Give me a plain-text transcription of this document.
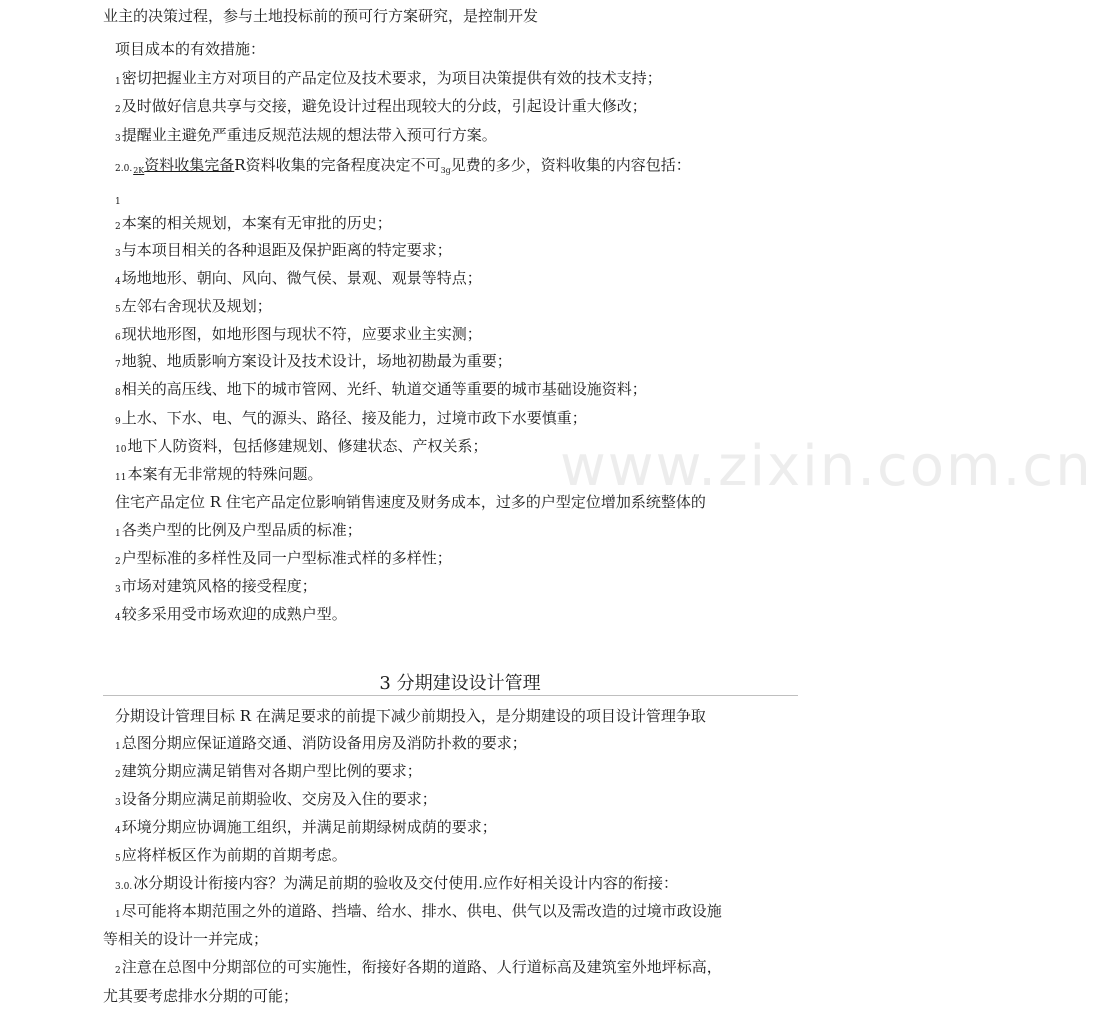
www.zixin.com.cn
业主的决策过程，参与土地投标前的预可行方案研究，是控制开发
项目成本的有效措施：
1密切把握业主方对项目的产品定位及技术要求，为项目决策提供有效的技术支持；
2及时做好信息共享与交接，避免设计过程出现较大的分歧，引起设计重大修改；
3提醒业主避免严重违反规范法规的想法带入预可行方案。
$2.0._{2K}$资料收集完备R资料收集的完备程度决定不可$_{3g}$见费的多少，资料收集的内容包括：
1
2本案的相关规划，本案有无审批的历史；
3与本项目相关的各种退距及保护距离的特定要求；
4场地地形、朝向、风向、微气侯、景观、观景等特点；
5左邻右舍现状及规划；
6现状地形图，如地形图与现状不符，应要求业主实测；
7地貌、地质影响方案设计及技术设计，场地初勘最为重要；
8相关的高压线、地下的城市管网、光纤、轨道交通等重要的城市基础设施资料；
9上水、下水、电、气的源头、路径、接及能力，过境市政下水要慎重；
10地下人防资料，包括修建规划、修建状态、产权关系；
11本案有无非常规的特殊问题。
住宅产品定位 R 住宅产品定位影响销售速度及财务成本，过多的户型定位增加系统整体的
1各类户型的比例及户型品质的标准；
2户型标准的多样性及同一户型标准式样的多样性；
3市场对建筑风格的接受程度；
4较多采用受市场欢迎的成熟户型。
3 分期建设设计管理
分期设计管理目标 R 在满足要求的前提下减少前期投入，是分期建设的项目设计管理争取
1总图分期应保证道路交通、消防设备用房及消防扑救的要求；
2建筑分期应满足销售对各期户型比例的要求；
3设备分期应满足前期验收、交房及入住的要求；
4环境分期应协调施工组织，并满足前期绿树成荫的要求；
5应将样板区作为前期的首期考虑。
3.0.冰分期设计衔接内容？为满足前期的验收及交付使用.应作好相关设计内容的衔接：
1尽可能将本期范围之外的道路、挡墙、给水、排水、供电、供气以及需改造的过境市政设施
等相关的设计一并完成；
2注意在总图中分期部位的可实施性，衔接好各期的道路、人行道标高及建筑室外地坪标高，
尤其要考虑排水分期的可能；
